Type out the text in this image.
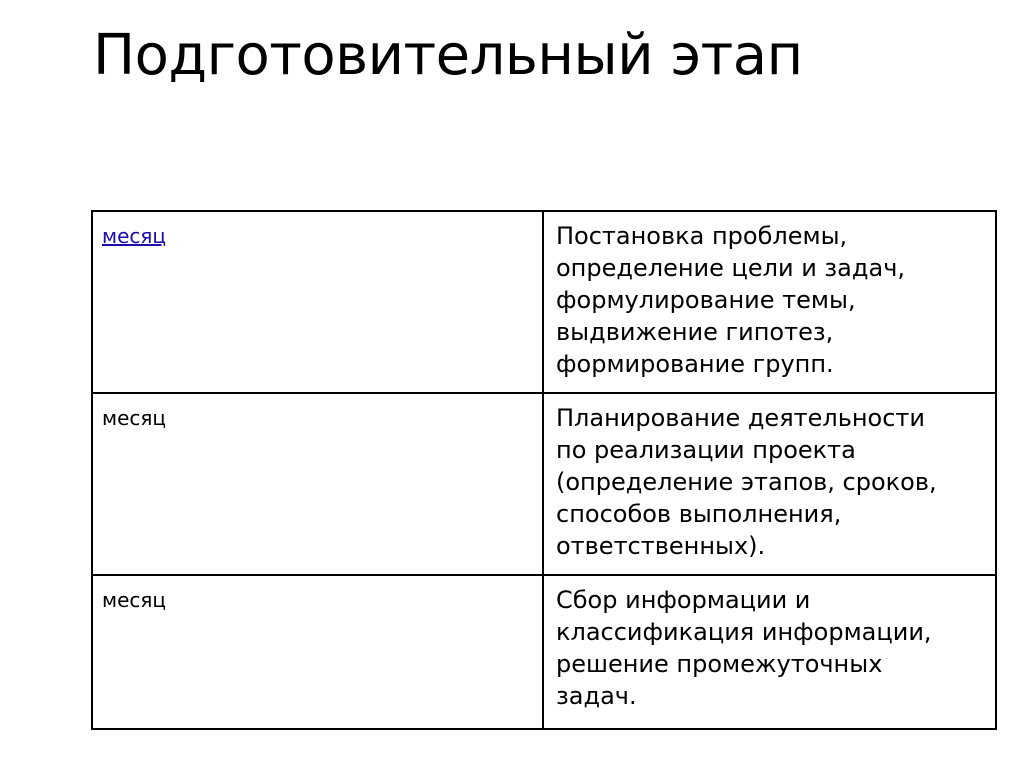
Подготовительный этап
месяц	Постановка проблемы,
определение цели и задач,
формулирование темы,
выдвижение гипотез,
формирование групп.

месяц	Планирование деятельности
по реализации проекта
(определение этапов, сроков,
способов выполнения,
ответственных).

месяц	Сбор информации и
классификация информации,
решение промежуточных
задач.
